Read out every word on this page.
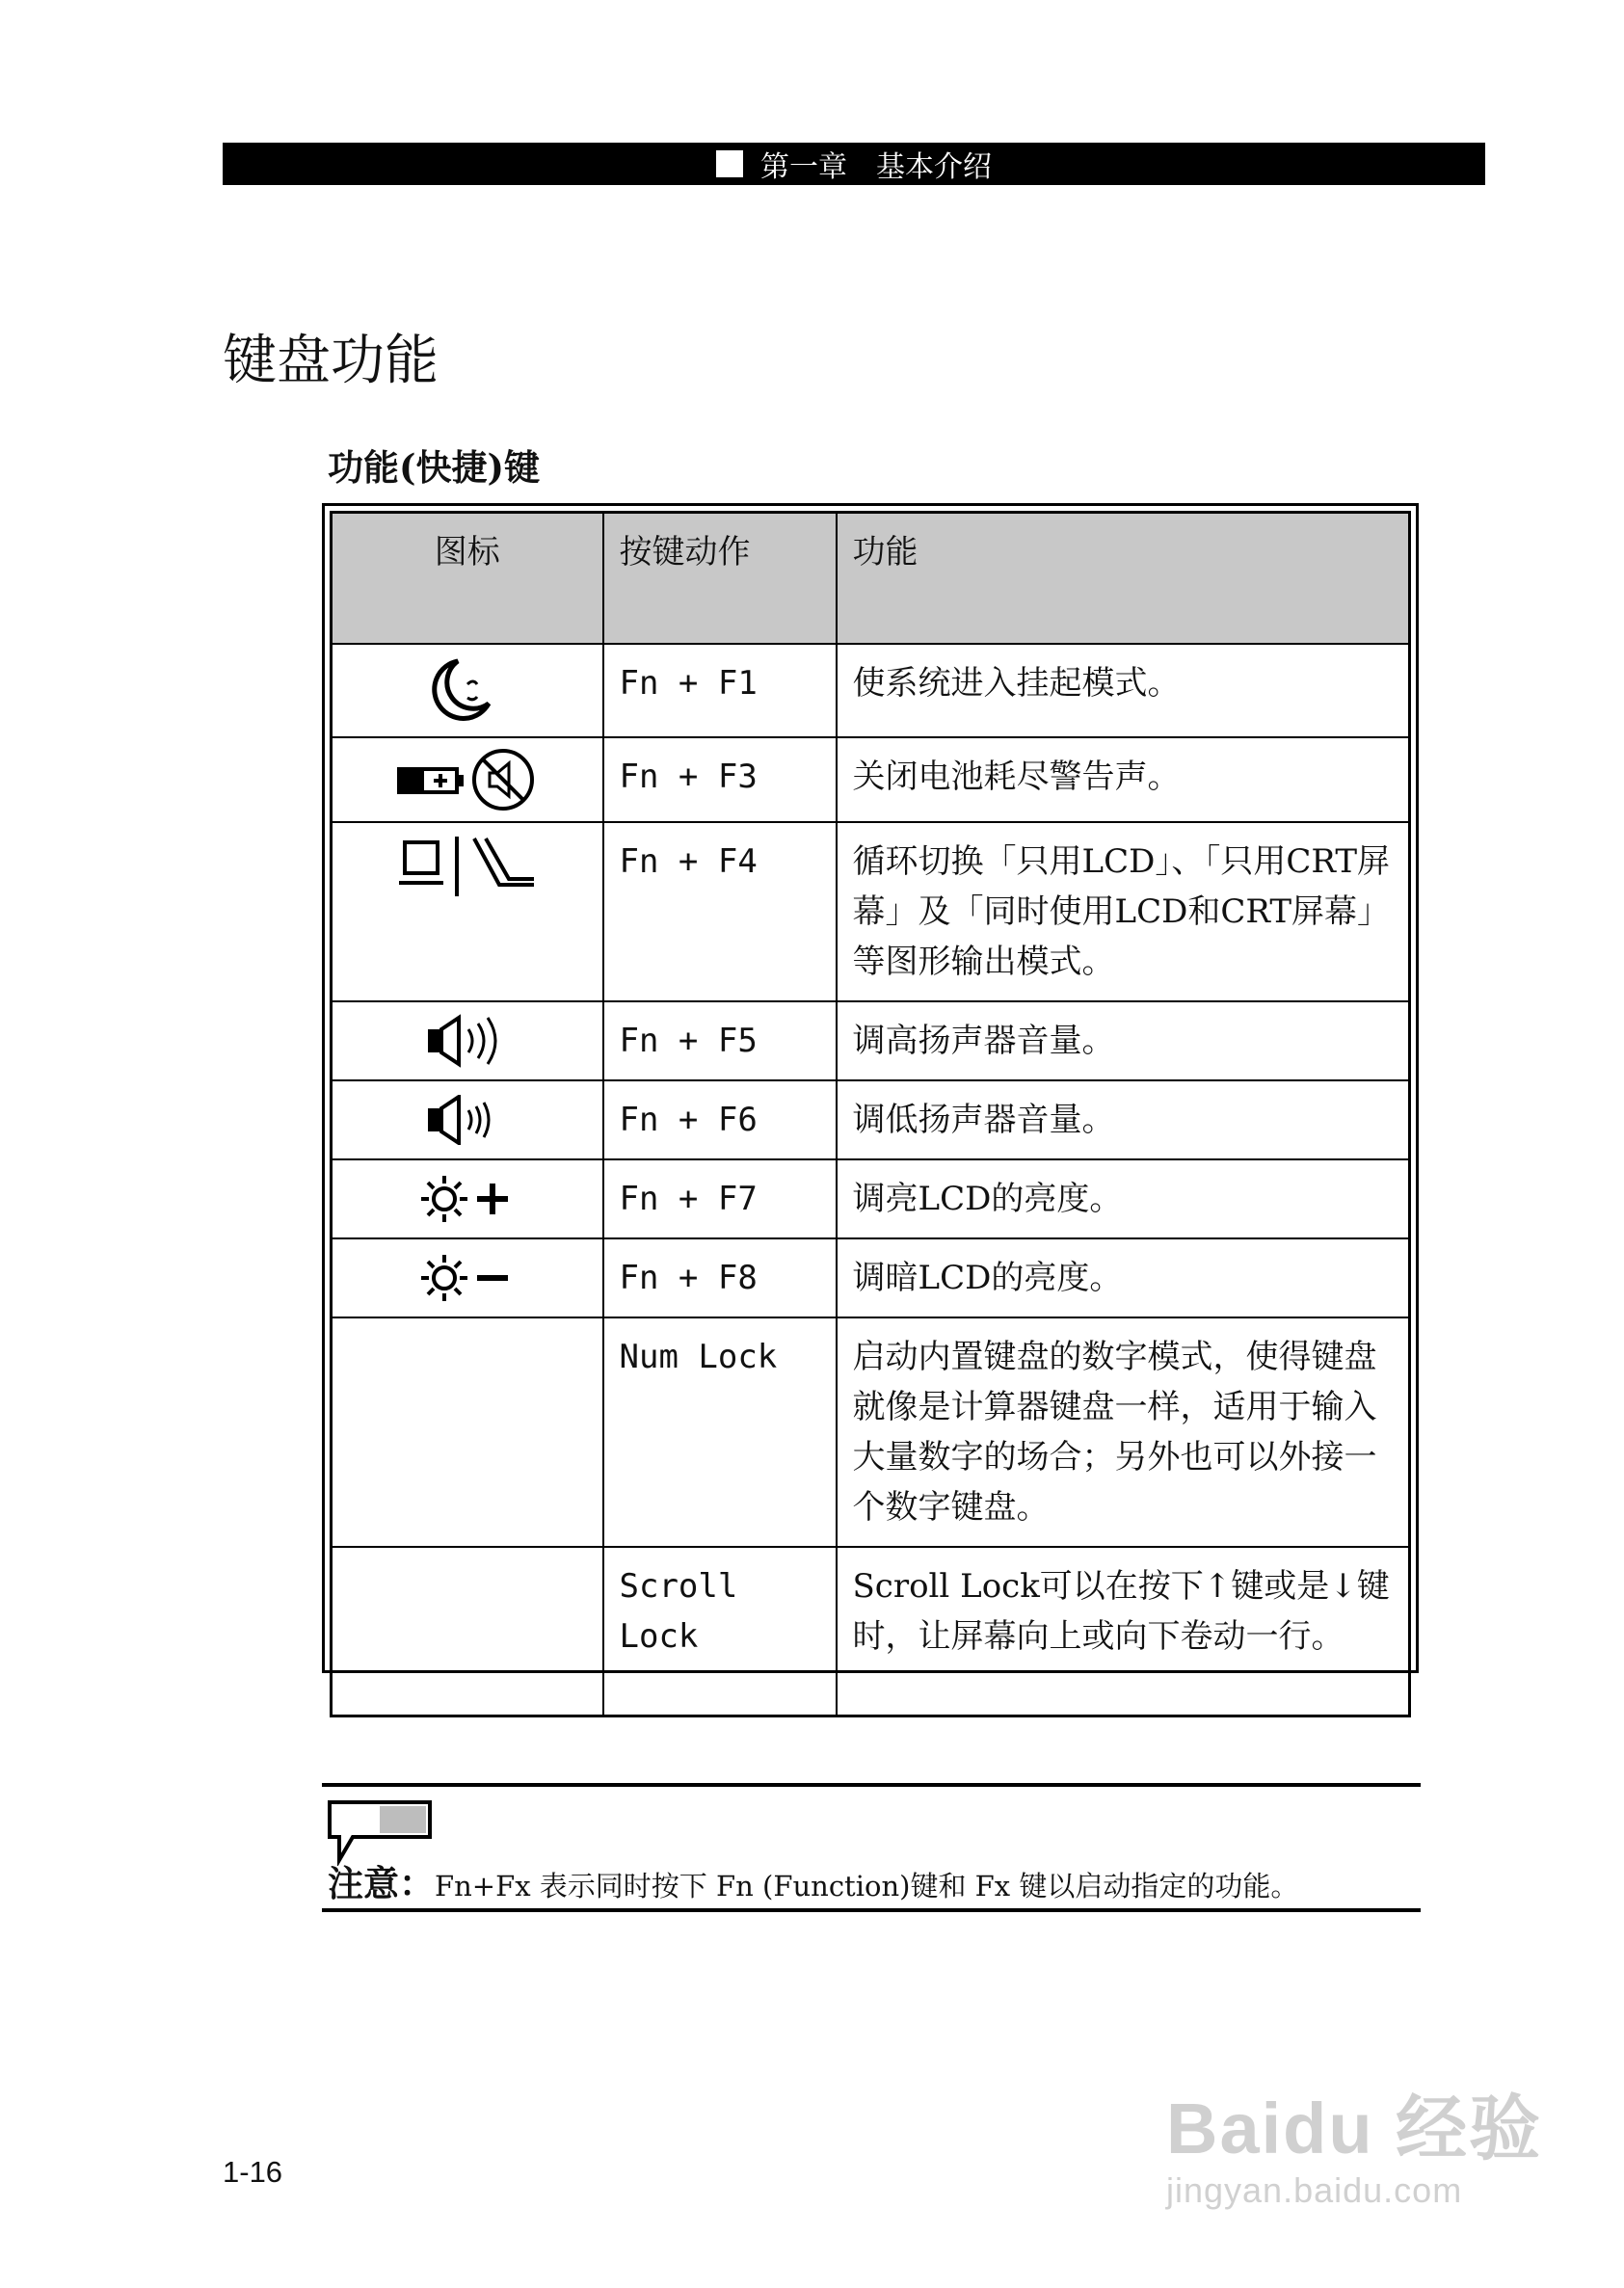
第一章　基本介绍
键盘功能
功能(快捷)键
图标	按键动作	功能

	Fn + F1	使系统进入挂起模式。

	Fn + F3	关闭电池耗尽警告声。

	Fn + F4	循环切换「只用LCD」、「只用CRT屏幕」及「同时使用LCD和CRT屏幕」等图形输出模式。

	Fn + F5	调高扬声器音量。

	Fn + F6	调低扬声器音量。

	Fn + F7	调亮LCD的亮度。

	Fn + F8	调暗LCD的亮度。
	Num Lock	启动内置键盘的数字模式，使得键盘就像是计算器键盘一样，适用于输入大量数字的场合；另外也可以外接一个数字键盘。
	Scroll Lock	Scroll Lock可以在按下↑键或是↓键时，让屏幕向上或向下卷动一行。
注意：Fn+Fx 表示同时按下 Fn (Function)键和 Fx 键以启动指定的功能。
1-16
Baidu 经验
jingyan.baidu.com
